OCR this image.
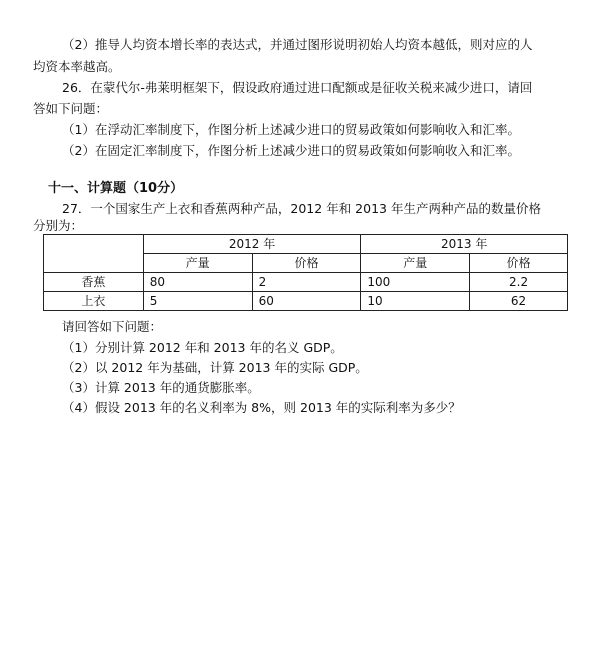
（2）推导人均资本增长率的表达式，并通过图形说明初始人均资本越低，则对应的人
均资本率越高。
26．在蒙代尔-弗莱明框架下，假设政府通过进口配额或是征收关税来减少进口，请回
答如下问题：
（1）在浮动汇率制度下，作图分析上述减少进口的贸易政策如何影响收入和汇率。
（2）在固定汇率制度下，作图分析上述减少进口的贸易政策如何影响收入和汇率。
十一、计算题（10分）
27．一个国家生产上衣和香蕉两种产品，2012 年和 2013 年生产两种产品的数量价格
分别为：
	2012 年		2013 年	
	产量	价格	产量	价格
香蕉	80	2	100	2.2
上衣	5	60	10	62
请回答如下问题：
（1）分别计算 2012 年和 2013 年的名义 GDP。
（2）以 2012 年为基础，计算 2013 年的实际 GDP。
（3）计算 2013 年的通货膨胀率。
（4）假设 2013 年的名义利率为 8%，则 2013 年的实际利率为多少？
